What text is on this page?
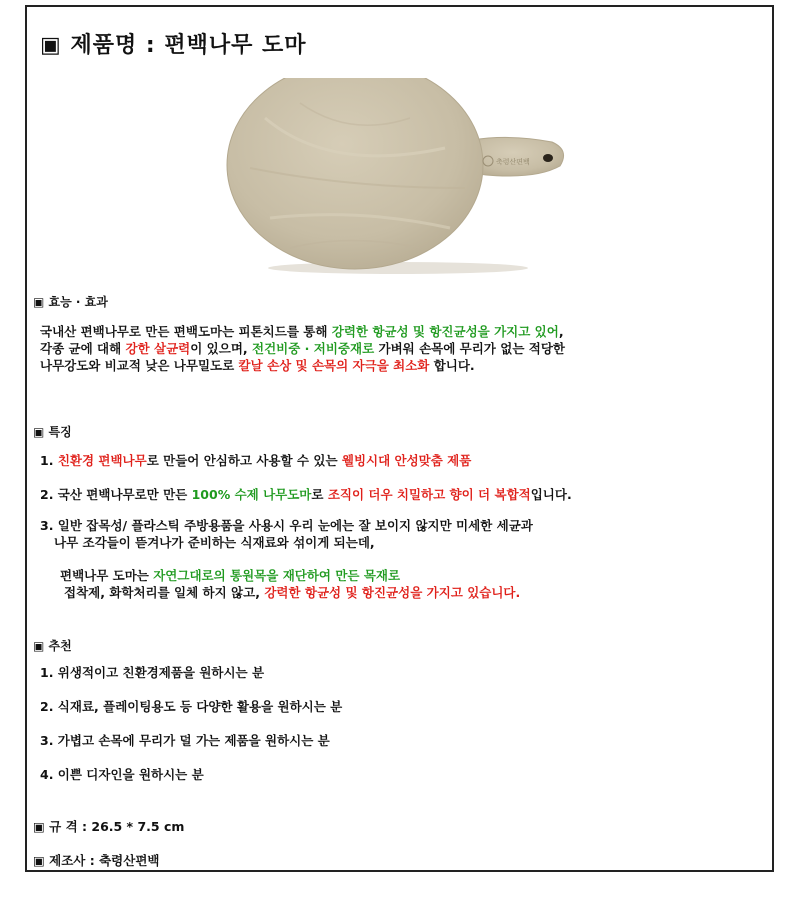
▣ 제품명 : 편백나무 도마
축령산편백
▣ 효능 · 효과
국내산 편백나무로 만든 편백도마는 피톤치드를 통해 강력한 항균성 및 항진균성을 가지고 있어,
각종 균에 대해 강한 살균력이 있으며, 전건비중 · 저비중재로 가벼워 손목에 무리가 없는 적당한
나무강도와 비교적 낮은 나무밀도로 칼날 손상 및 손목의 자극을 최소화 합니다.
▣ 특징
1. 친환경 편백나무로 만들어 안심하고 사용할 수 있는 웰빙시대 안성맞춤 제품
2. 국산 편백나무로만 만든 100% 수제 나무도마로 조직이 더우 치밀하고 향이 더 복합적입니다.
3. 일반 잡목성/ 플라스틱 주방용품을 사용시 우리 눈에는 잘 보이지 않지만 미세한 세균과
나무 조각들이 뜯겨나가 준비하는 식재료와 섞이게 되는데,
편백나무 도마는 자연그대로의 통원목을 재단하여 만든 목재로
접착제, 화학처리를 일체 하지 않고, 강력한 항균성 및 항진균성을 가지고 있습니다.
▣ 추천
1. 위생적이고 친환경제품을 원하시는 분
2. 식재료, 플레이팅용도 등 다양한 활용을 원하시는 분
3. 가볍고 손목에 무리가 덜 가는 제품을 원하시는 분
4. 이쁜 디자인을 원하시는 분
▣ 규 격 : 26.5 * 7.5 cm
▣ 제조사 : 축령산편백
